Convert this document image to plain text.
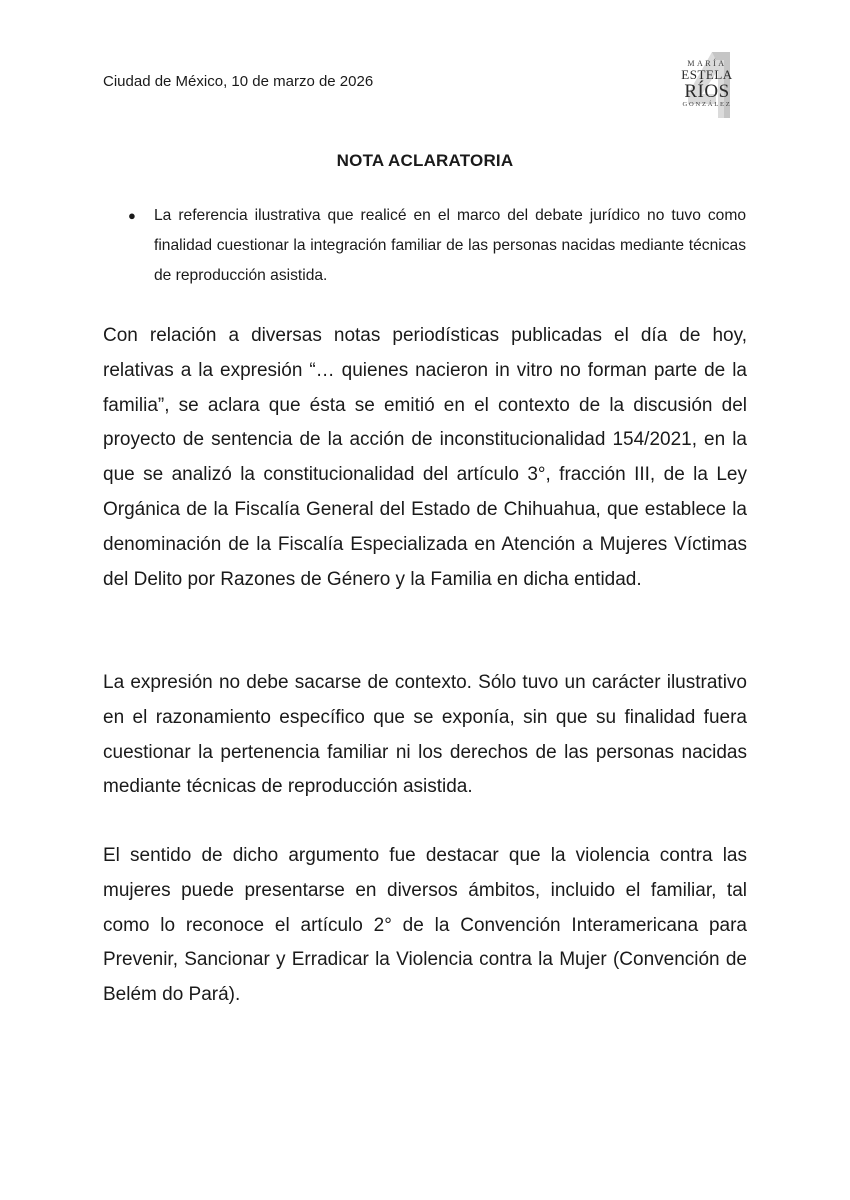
Ciudad de México, 10 de marzo de 2026
MARÍA
ESTELA
RÍOS
GONZÁLEZ
NOTA ACLARATORIA
● La referencia ilustrativa que realicé en el marco del debate jurídico no tuvo como finalidad cuestionar la integración familiar de las personas nacidas mediante técnicas de reproducción asistida.

Con relación a diversas notas periodísticas publicadas el día de hoy, relativas a la expresión “… quienes nacieron in vitro no forman parte de la familia”, se aclara que ésta se emitió en el contexto de la discusión del proyecto de sentencia de la acción de inconstitucionalidad 154/2021, en la que se analizó la constitucionalidad del artículo 3°, fracción III, de la Ley Orgánica de la Fiscalía General del Estado de Chihuahua, que establece la denominación de la Fiscalía Especializada en Atención a Mujeres Víctimas del Delito por Razones de Género y la Familia en dicha entidad.

La expresión no debe sacarse de contexto. Sólo tuvo un carácter ilustrativo en el razonamiento específico que se exponía, sin que su finalidad fuera cuestionar la pertenencia familiar ni los derechos de las personas nacidas mediante técnicas de reproducción asistida.

El sentido de dicho argumento fue destacar que la violencia contra las mujeres puede presentarse en diversos ámbitos, incluido el familiar, tal como lo reconoce el artículo 2° de la Convención Interamericana para Prevenir, Sancionar y Erradicar la Violencia contra la Mujer (Convención de Belém do Pará).
